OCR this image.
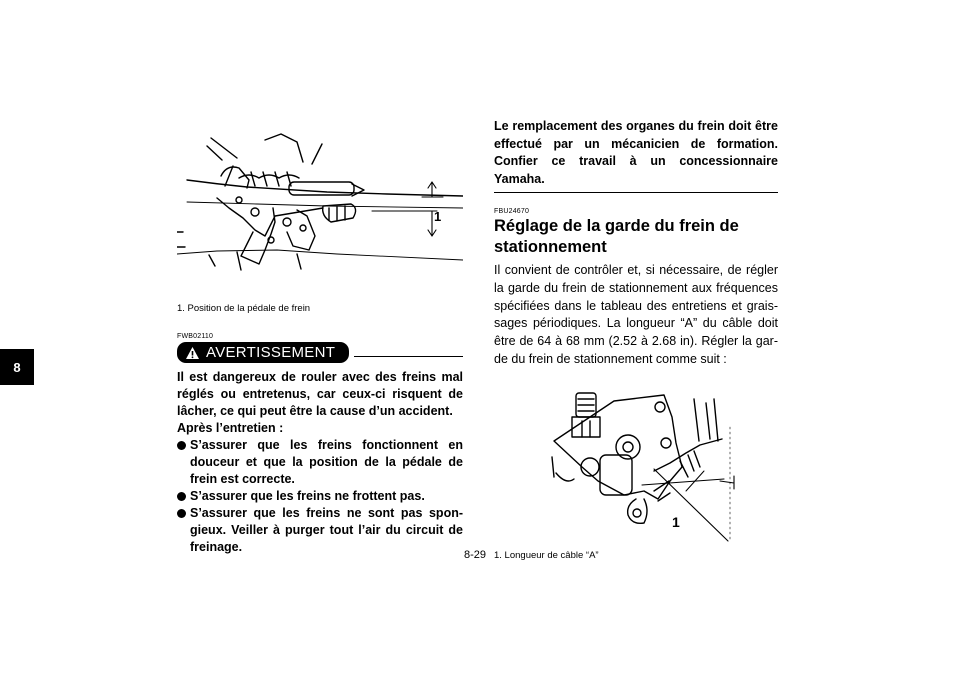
8
1
1. Position de la pédale de frein
FWB02110
AVERTISSEMENT
Il est dangereux de rouler avec des freins mal réglés ou entretenus, car ceux-ci risquent de lâcher, ce qui peut être la cause d’un accident.
Après l’entretien :
S’assurer que les freins fonctionnent en douceur et que la position de la pédale de frein est correcte.
S’assurer que les freins ne frottent pas.
S’assurer que les freins ne sont pas spon-gieux. Veiller à purger tout l’air du circuit de freinage.
Le remplacement des organes du frein doit être effectué par un mécanicien de formation. Confier ce travail à un concessionnaire Yamaha.
FBU24670
Réglage de la garde du frein de stationnement
Il convient de contrôler et, si nécessaire, de régler la garde du frein de stationnement aux fréquences spécifiées dans le tableau des entretiens et grais-sages périodiques. La longueur “A” du câble doit être de 64 à 68 mm (2.52 à 2.68 in). Régler la gar-de du frein de stationnement comme suit :
1
1. Longueur de câble “A”
8-29
